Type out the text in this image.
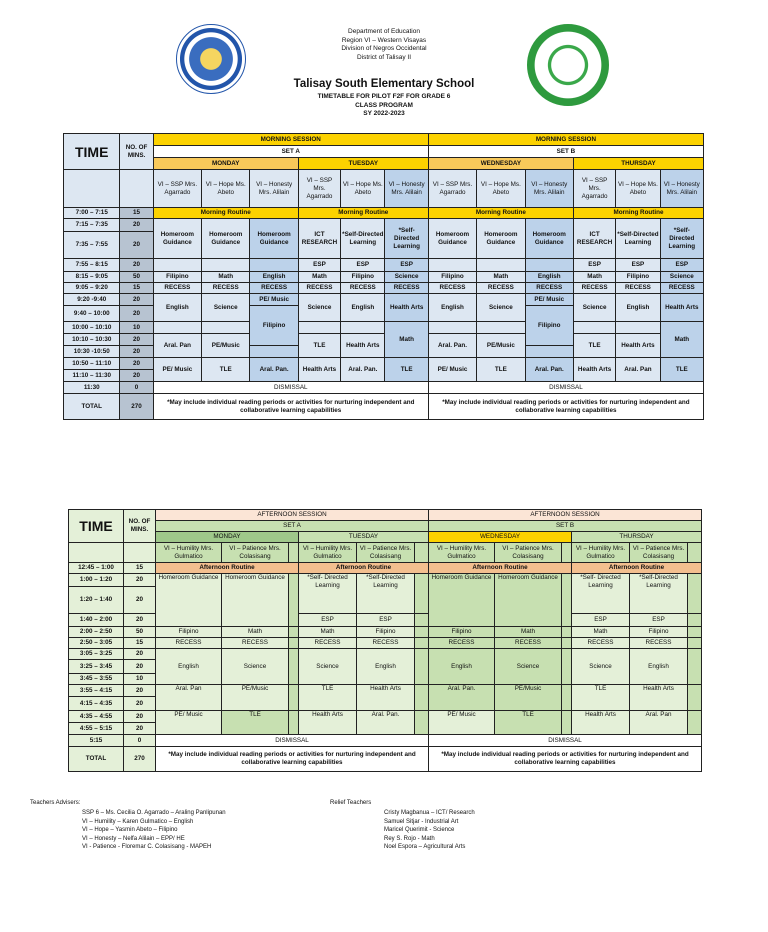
Department of Education
Region VI – Western Visayas
Division of Negros Occidental
District of Talisay II
Talisay South Elementary School
TIMETABLE FOR PILOT F2F FOR GRADE 6
CLASS PROGRAM
SY 2022-2023
TIME	NO. OF MINS.	MORNING SESSION						MORNING SESSION					
		SET A						SET B					
		MONDAY			TUESDAY			WEDNESDAY			THURSDAY		
		VI – SSP Mrs. Agarrado	VI – Hope Ms. Abeto	VI – Honesty Mrs. Alilain	VI – SSP Mrs. Agarrado	VI – Hope Ms. Abeto	VI – Honesty Mrs. Alilain	VI – SSP Mrs. Agarrado	VI – Hope Ms. Abeto	VI – Honesty Mrs. Alilain	VI – SSP Mrs. Agarrado	VI – Hope Ms. Abeto	VI – Honesty Mrs. Alilain
7:00 – 7:15	15	Morning Routine			Morning Routine			Morning Routine			Morning Routine		
7:15 – 7:35	20	Homeroom Guidance	Homeroom Guidance	Homeroom Guidance	ICT RESEARCH	*Self-Directed Learning	*Self-Directed Learning	Homeroom Guidance	Homeroom Guidance	Homeroom Guidance	ICT RESEARCH	*Self-Directed Learning	*Self-Directed Learning
7:35 – 7:55	20												
7:55 – 8:15	20				ESP	ESP	ESP				ESP	ESP	ESP
8:15 – 9:05	50	Filipino	Math	English	Math	Filipino	Science	Filipino	Math	English	Math	Filipino	Science
9:05 – 9:20	15	RECESS	RECESS	RECESS	RECESS	RECESS	RECESS	RECESS	RECESS	RECESS	RECESS	RECESS	RECESS
9:20 -9:40	20	English	Science	PE/ Music	Science	English	Health Arts	English	Science	PE/ Music	Science	English	Health Arts
9:40 – 10:00	20			Filipino						Filipino			
10:00 – 10:10	10						Math						Math
10:10 – 10:30	20	Aral. Pan	PE/Music		TLE	Health Arts		Aral. Pan.	PE/Music		TLE	Health Arts	
10:30 -10:50	20												
10:50 – 11:10	20	PE/ Music	TLE	Aral. Pan.	Health Arts	Aral. Pan.	TLE	PE/ Music	TLE	Aral. Pan.	Health Arts	Aral. Pan	TLE
11:10 – 11:30	20												
11:30	0	DISMISSAL						DISMISSAL					
TOTAL	270	*May include individual reading periods or activities for nurturing independent and collaborative learning capabilities						*May include individual reading periods or activities for nurturing independent and collaborative learning capabilities					
TIME	NO. OF MINS.	AFTERNOON SESSION						AFTERNOON SESSION					
		SET A						SET B					
		MONDAY			TUESDAY			WEDNESDAY			THURSDAY		
		VI – Humility Mrs. Gulmatico	VI – Patience Mrs. Colasisang		VI – Humility Mrs. Gulmatico	VI – Patience Mrs. Colasisang		VI – Humility Mrs. Gulmatico	VI – Patience Mrs. Colasisang		VI – Humility Mrs. Gulmatico	VI – Patience Mrs. Colasisang	
12:45 – 1:00	15	Afternoon Routine			Afternoon Routine			Afternoon Routine			Afternoon Routine		
1:00 – 1:20	20	Homeroom Guidance	Homeroom Guidance		*Self- Directed Learning	*Self-Directed Learning		Homeroom Guidance	Homeroom Guidance		*Self- Directed Learning	*Self-Directed Learning	
1:20 – 1:40	20												
1:40 – 2:00	20				ESP	ESP					ESP	ESP	
2:00 – 2:50	50	Filipino	Math		Math	Filipino		Filipino	Math		Math	Filipino	
2:50 – 3:05	15	RECESS	RECESS		RECESS	RECESS		RECESS	RECESS		RECESS	RECESS	
3:05 – 3:25	20	English	Science		Science	English		English	Science		Science	English	
3:25 – 3:45	20												
3:45 – 3:55	10												
3:55 – 4:15	20	Aral. Pan	PE/Music		TLE	Health Arts		Aral. Pan.	PE/Music		TLE	Health Arts	
4:15 – 4:35	20												
4:35 – 4:55	20	PE/ Music	TLE		Health Arts	Aral. Pan.		PE/ Music	TLE		Health Arts	Aral. Pan	
4:55 – 5:15	20												
5:15	0	DISMISSAL						DISMISSAL					
TOTAL	270	*May include individual reading periods or activities for nurturing independent and collaborative learning capabilities						*May include individual reading periods or activities for nurturing independent and collaborative learning capabilities					
Teachers Advisers:
SSP 6 – Ms. Cecilia O. Agarrado – Araling Panlipunan
VI – Humility – Karen Gulmatico – English
VI – Hope – Yasmin Abeto – Filipino
VI – Honesty – Nelfa Alilain – EPP/ HE
VI - Patience - Floremar C. Colasisang - MAPEH
Relief Teachers
Cristy Magbanua – ICT/ Research
Samuel Sitjar - Industrial Art
Maricel Querimit - Science
Rey S. Rojo - Math
Noel Espora – Agricultural Arts
